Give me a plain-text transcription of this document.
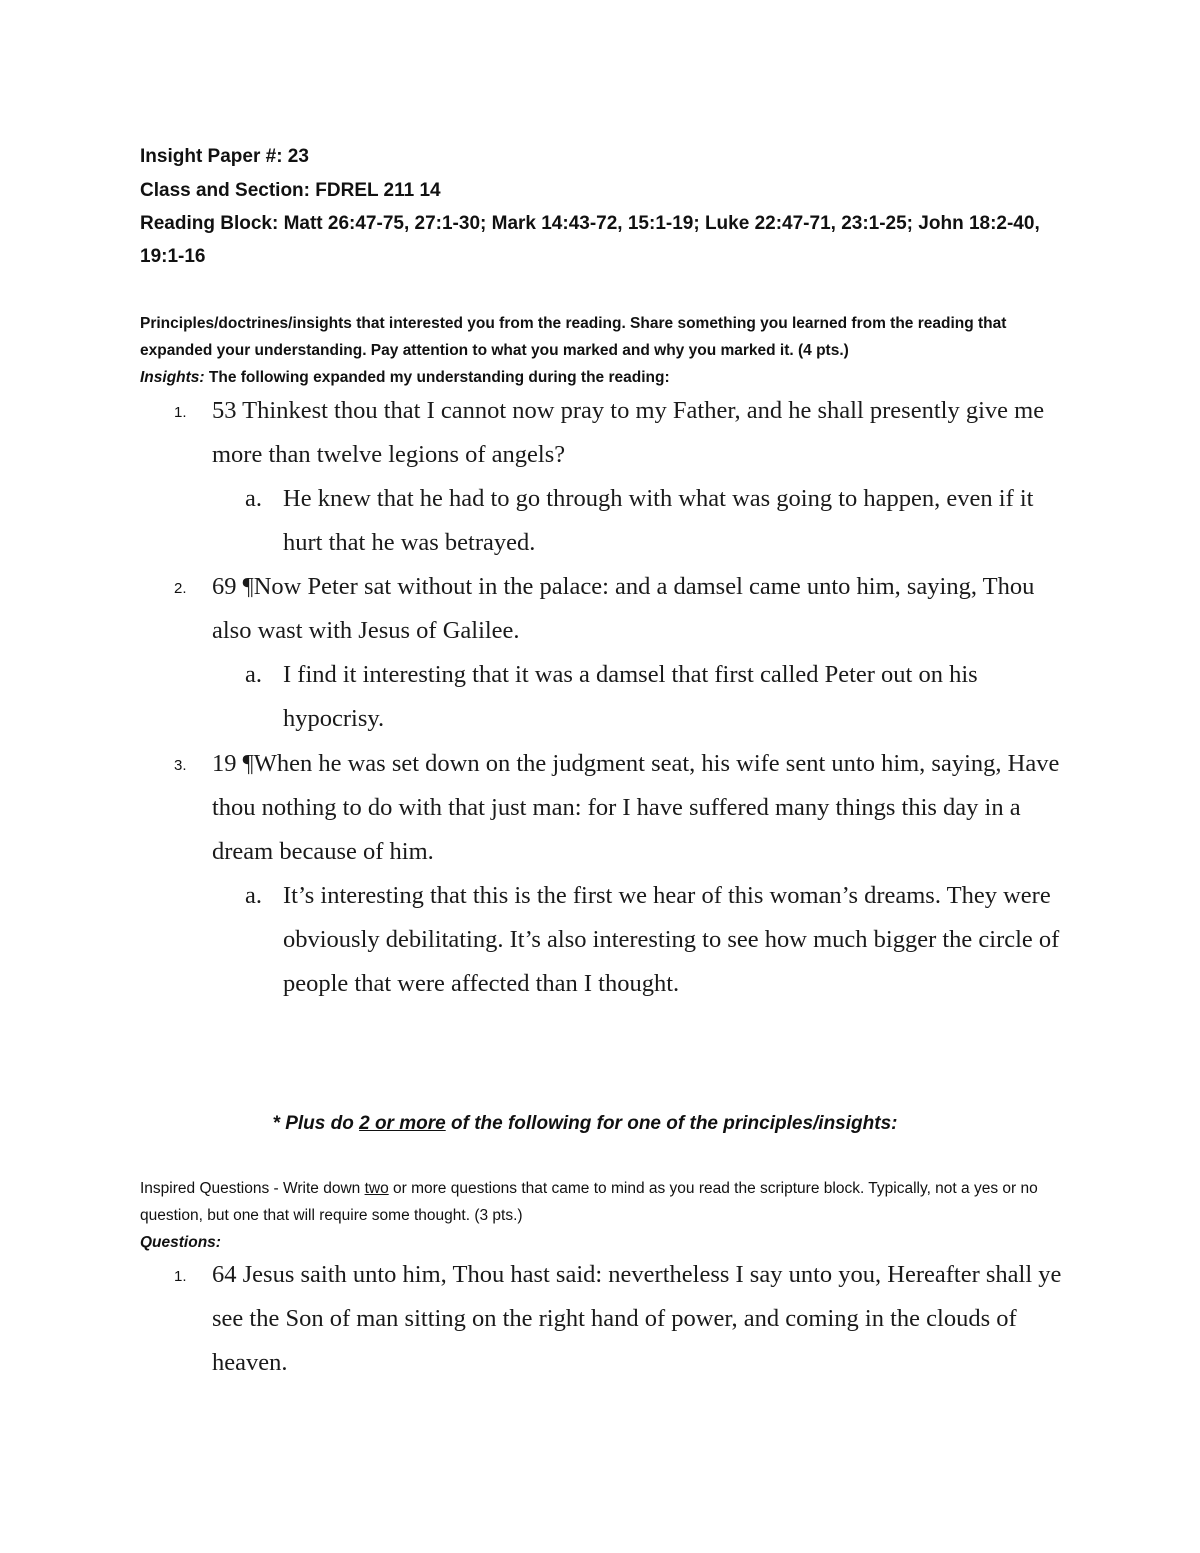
Insight Paper #: 23
Class and Section: FDREL 211 14
Reading Block: Matt 26:47-75, 27:1-30; Mark 14:43-72, 15:1-19; Luke 22:47-71, 23:1-25; John 18:2-40, 19:1-16
Principles/doctrines/insights that interested you from the reading. Share something you learned from the reading that expanded your understanding. Pay attention to what you marked and why you marked it. (4 pts.)
Insights: The following expanded my understanding during the reading:
1. 53 Thinkest thou that I cannot now pray to my Father, and he shall presently give me more than twelve legions of angels?
a. He knew that he had to go through with what was going to happen, even if it hurt that he was betrayed.
2. 69 ¶Now Peter sat without in the palace: and a damsel came unto him, saying, Thou also wast with Jesus of Galilee.
a. I find it interesting that it was a damsel that first called Peter out on his hypocrisy.
3. 19 ¶When he was set down on the judgment seat, his wife sent unto him, saying, Have thou nothing to do with that just man: for I have suffered many things this day in a dream because of him.
a. It’s interesting that this is the first we hear of this woman’s dreams. They were obviously debilitating. It’s also interesting to see how much bigger the circle of people that were affected than I thought.
* Plus do 2 or more of the following for one of the principles/insights:
Inspired Questions - Write down two or more questions that came to mind as you read the scripture block. Typically, not a yes or no question, but one that will require some thought. (3 pts.)
Questions:
1. 64 Jesus saith unto him, Thou hast said: nevertheless I say unto you, Hereafter shall ye see the Son of man sitting on the right hand of power, and coming in the clouds of heaven.
